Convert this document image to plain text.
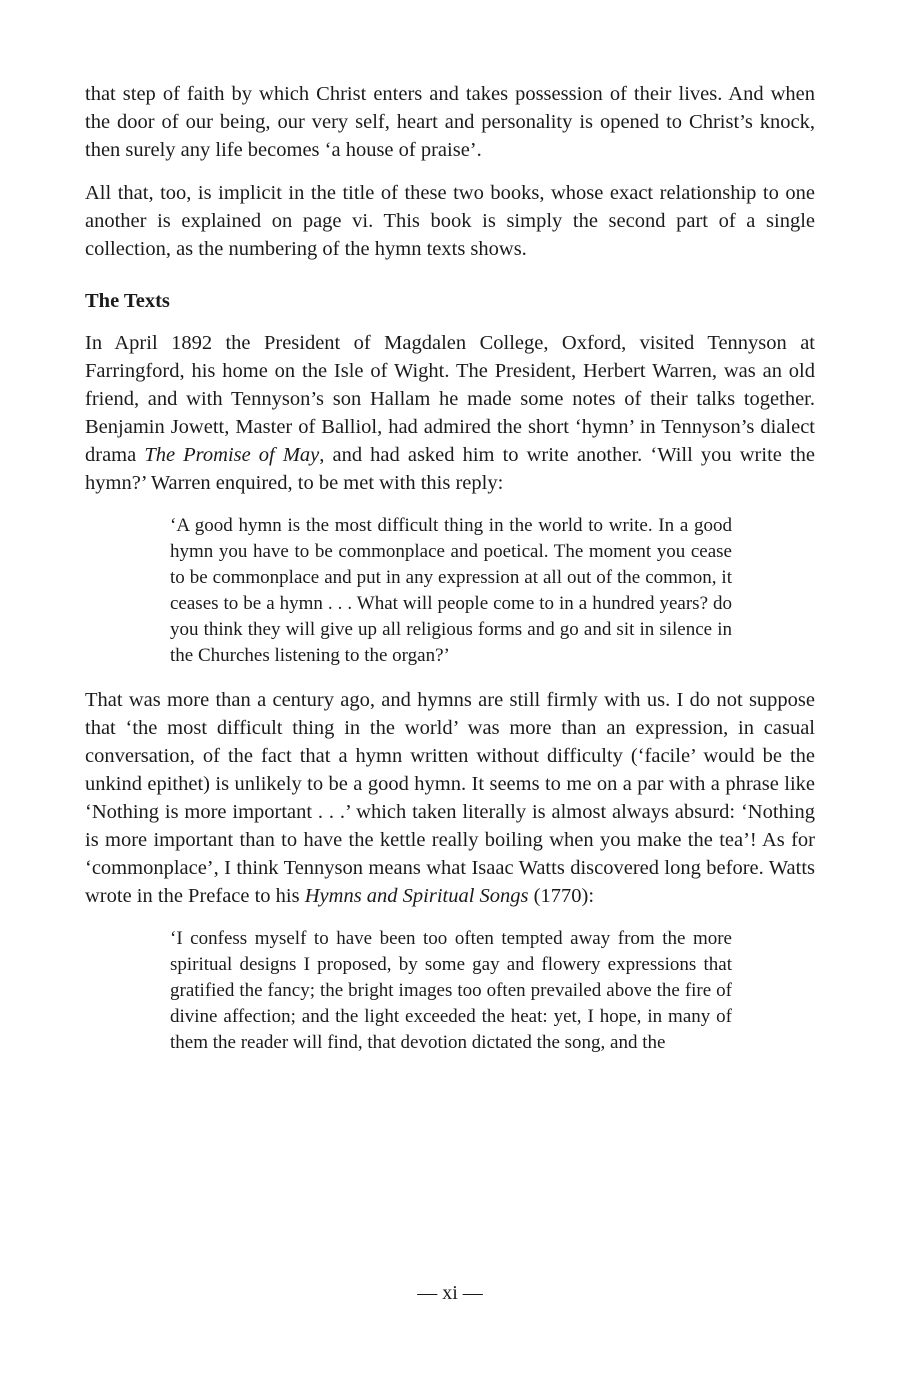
that step of faith by which Christ enters and takes possession of their lives. And when the door of our being, our very self, heart and personality is opened to Christ’s knock, then surely any life becomes ‘a house of praise’.

All that, too, is implicit in the title of these two books, whose exact relationship to one another is explained on page vi. This book is simply the second part of a single collection, as the numbering of the hymn texts shows.

The Texts

In April 1892 the President of Magdalen College, Oxford, visited Tennyson at Farringford, his home on the Isle of Wight. The President, Herbert Warren, was an old friend, and with Tennyson’s son Hallam he made some notes of their talks together. Benjamin Jowett, Master of Balliol, had admired the short ‘hymn’ in Tennyson’s dialect drama The Promise of May, and had asked him to write another. ‘Will you write the hymn?’ Warren enquired, to be met with this reply:

‘A good hymn is the most difficult thing in the world to write. In a good hymn you have to be commonplace and poetical. The moment you cease to be commonplace and put in any expression at all out of the common, it ceases to be a hymn . . . What will people come to in a hundred years? do you think they will give up all religious forms and go and sit in silence in the Churches listening to the organ?’

That was more than a century ago, and hymns are still firmly with us. I do not suppose that ‘the most difficult thing in the world’ was more than an expression, in casual conversation, of the fact that a hymn written without difficulty (‘facile’ would be the unkind epithet) is unlikely to be a good hymn. It seems to me on a par with a phrase like ‘Nothing is more important . . .’ which taken literally is almost always absurd: ‘Nothing is more important than to have the kettle really boiling when you make the tea’! As for ‘commonplace’, I think Tennyson means what Isaac Watts discovered long before. Watts wrote in the Preface to his Hymns and Spiritual Songs (1770):

‘I confess myself to have been too often tempted away from the more spiritual designs I proposed, by some gay and flowery expressions that gratified the fancy; the bright images too often prevailed above the fire of divine affection; and the light exceeded the heat: yet, I hope, in many of them the reader will find, that devotion dictated the song, and the
— xi —
